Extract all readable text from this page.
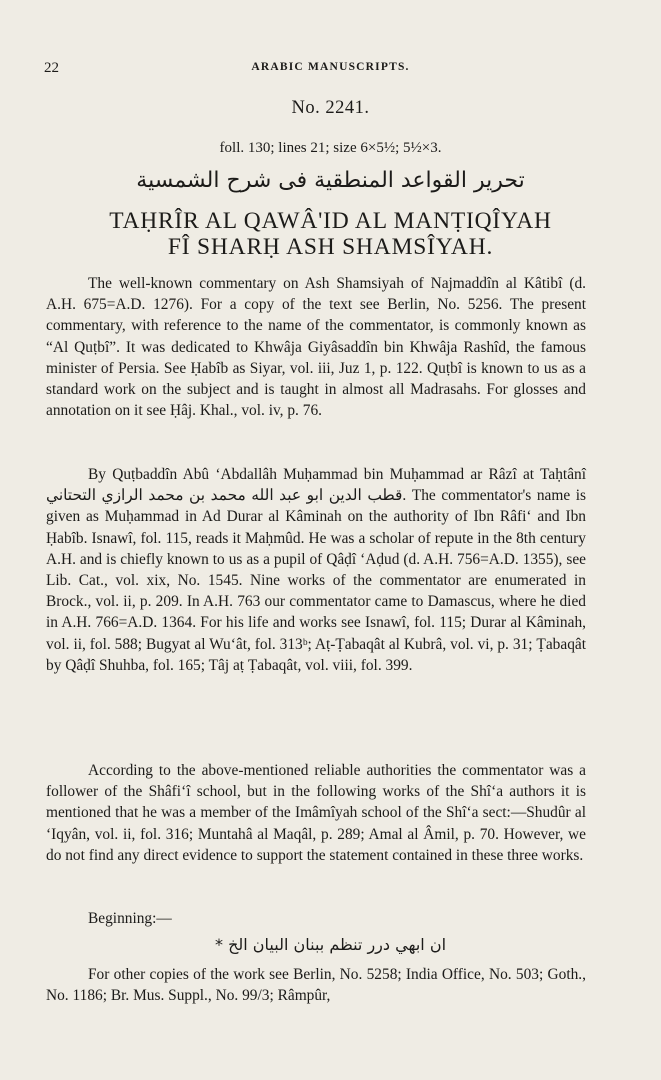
22	ARABIC MANUSCRIPTS.
No. 2241.
foll. 130; lines 21; size 6×5½; 5½×3.
تحرير القواعد المنطقية فى شرح الشمسية
TAḤRÎR AL QAWÂ'ID AL MANṬIQÎYAH
FÎ SHARḤ ASH SHAMSÎYAH.

The well-known commentary on Ash Shamsiyah of Najmaddîn al Kâtibî (d. A.H. 675=A.D. 1276). For a copy of the text see Berlin, No. 5256. The present commentary, with reference to the name of the commentator, is commonly known as “Al Quṭbî”. It was dedicated to Khwâja Giyâsaddîn bin Khwâja Rashîd, the famous minister of Persia. See Ḥabîb as Siyar, vol. iii, Juz 1, p. 122. Quṭbî is known to us as a standard work on the subject and is taught in almost all Madrasahs. For glosses and annotation on it see Ḥâj. Khal., vol. iv, p. 76.

By Quṭbaddîn Abû ‘Abdallâh Muḥammad bin Muḥammad ar Râzî at Taḥtânî قطب الدين ابو عبد الله محمد بن محمد الرازي التحتاني. The commentator's name is given as Muḥammad in Ad Durar al Kâminah on the authority of Ibn Râfi‘ and Ibn Ḥabîb. Isnawî, fol. 115, reads it Maḥmûd. He was a scholar of repute in the 8th century A.H. and is chiefly known to us as a pupil of Qâḍî ‘Aḍud (d. A.H. 756=A.D. 1355), see Lib. Cat., vol. xix, No. 1545. Nine works of the commentator are enumerated in Brock., vol. ii, p. 209. In A.H. 763 our commentator came to Damascus, where he died in A.H. 766=A.D. 1364. For his life and works see Isnawî, fol. 115; Durar al Kâminah, vol. ii, fol. 588; Bugyat al Wu‘ât, fol. 313ᵇ; Aṭ-Ṭabaqât al Kubrâ, vol. vi, p. 31; Ṭabaqât by Qâḍî Shuhba, fol. 165; Tâj aṭ Ṭabaqât, vol. viii, fol. 399.

According to the above-mentioned reliable authorities the commentator was a follower of the Shâfi‘î school, but in the following works of the Shî‘a authors it is mentioned that he was a member of the Imâmîyah school of the Shî‘a sect:—Shudûr al ‘Iqyân, vol. ii, fol. 316; Muntahâ al Maqâl, p. 289; Amal al Âmil, p. 70. However, we do not find any direct evidence to support the statement contained in these three works.

Beginning:—
ان ابهي درر تنظم ببنان البيان الخ *

For other copies of the work see Berlin, No. 5258; India Office, No. 503; Goth., No. 1186; Br. Mus. Suppl., No. 99/3; Râmpûr,
